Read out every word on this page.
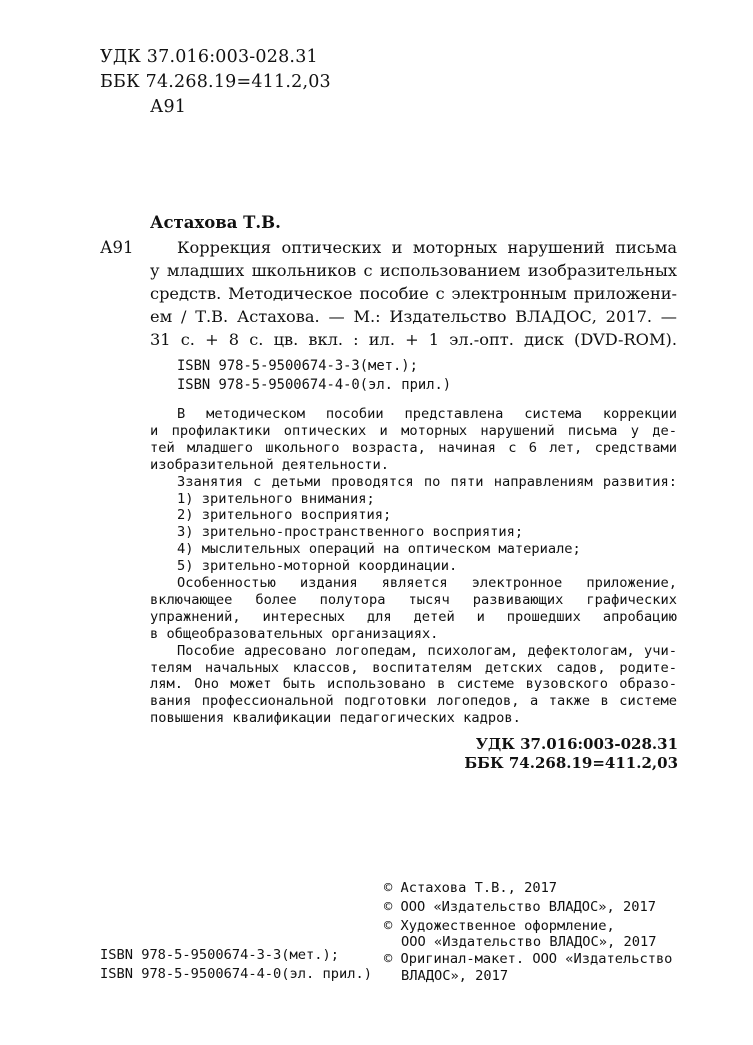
УДК 37.016:003-028.31
ББК 74.268.19=411.2,03
А91
Астахова Т.В.
А91	Коррекция оптических и моторных нарушений письма
у младших школьников с использованием изобразительных
средств. Методическое пособие с электронным приложени-
ем / Т.В. Астахова. — М.: Издательство ВЛАДОС, 2017. —
31 с. + 8 с. цв. вкл. : ил. + 1 эл.-опт. диск (DVD-ROM).
ISBN 978-5-9500674-3-3(мет.);
ISBN 978-5-9500674-4-0(эл. прил.)
В методическом пособии представлена система коррекции
и профилактики оптических и моторных нарушений письма у де-
тей младшего школьного возраста, начиная с 6 лет, средствами
изобразительной деятельности.
Ззанятия с детьми проводятся по пяти направлениям развития:
1) зрительного внимания;
2) зрительного восприятия;
3) зрительно-пространственного восприятия;
4) мыслительных операций на оптическом материале;
5) зрительно-моторной координации.
Особенностью издания является электронное приложение,
включающее более полутора тысяч развивающих графических
упражнений, интересных для детей и прошедших апробацию
в общеобразовательных организациях.
Пособие адресовано логопедам, психологам, дефектологам, учи-
телям начальных классов, воспитателям детских садов, родите-
лям. Оно может быть использовано в системе вузовского образо-
вания профессиональной подготовки логопедов, а также в системе
повышения квалификации педагогических кадров.
УДК 37.016:003-028.31
ББК 74.268.19=411.2,03
ISBN 978-5-9500674-3-3(мет.);
ISBN 978-5-9500674-4-0(эл. прил.)
© Астахова Т.В., 2017
© ООО «Издательство ВЛАДОС», 2017
© Художественное оформление,
ООО «Издательство ВЛАДОС», 2017
© Оригинал-макет. ООО «Издательство
ВЛАДОС», 2017
